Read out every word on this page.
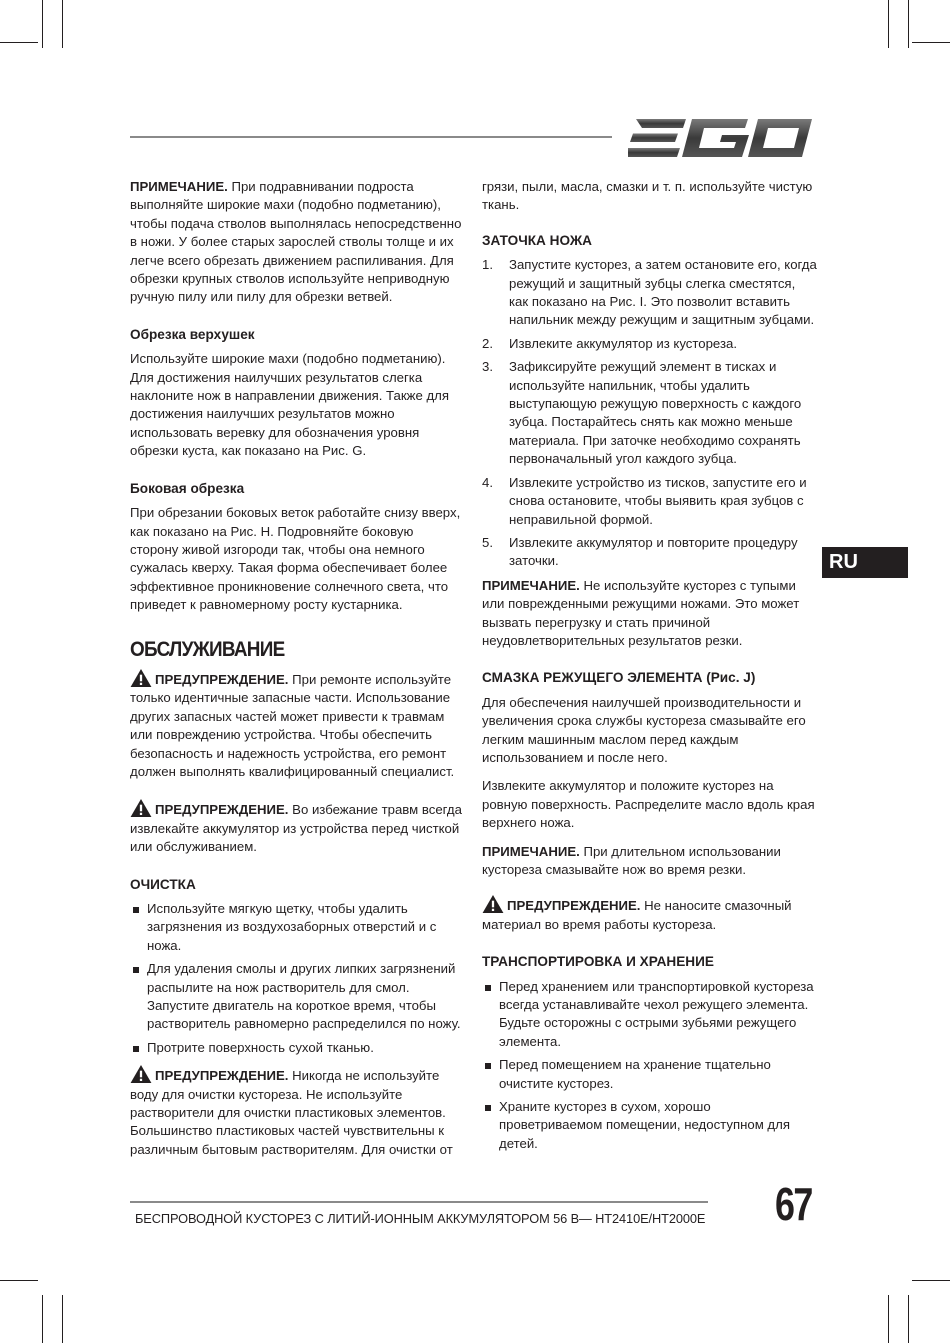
ПРИМЕЧАНИЕ. При подравнивании подроста выполняйте широкие махи (подобно подметанию), чтобы подача стволов выполнялась непосредственно в ножи. У более старых зарослей стволы толще и их легче всего обрезать движением распиливания. Для обрезки крупных стволов используйте неприводную ручную пилу или пилу для обрезки ветвей.

Обрезка верхушек

Используйте широкие махи (подобно подметанию). Для достижения наилучших результатов слегка наклоните нож в направлении движения. Также для достижения наилучших результатов можно использовать веревку для обозначения уровня обрезки куста, как показано на Рис. G.

Боковая обрезка

При обрезании боковых веток работайте снизу вверх, как показано на Рис. H. Подровняйте боковую сторону живой изгороди так, чтобы она немного сужалась кверху. Такая форма обеспечивает более эффективное проникновение солнечного света, что приведет к равномерному росту кустарника.

ОБСЛУЖИВАНИЕ

ПРЕДУПРЕЖДЕНИЕ. При ремонте используйте только идентичные запасные части. Использование других запасных частей может привести к травмам или повреждению устройства. Чтобы обеспечить безопасность и надежность устройства, его ремонт должен выполнять квалифицированный специалист.

ПРЕДУПРЕЖДЕНИЕ. Во избежание травм всегда извлекайте аккумулятор из устройства перед чисткой или обслуживанием.

ОЧИСТКА

Используйте мягкую щетку, чтобы удалить загрязнения из воздухозаборных отверстий и с ножа.
Для удаления смолы и других липких загрязнений распылите на нож растворитель для смол. Запустите двигатель на короткое время, чтобы растворитель равномерно распределился по ножу.
Протрите поверхность сухой тканью.

ПРЕДУПРЕЖДЕНИЕ. Никогда не используйте воду для очистки кустореза. Не используйте растворители для очистки пластиковых элементов. Большинство пластиковых частей чувствительны к различным бытовым растворителям. Для очистки от

грязи, пыли, масла, смазки и т. п. используйте чистую ткань.

ЗАТОЧКА НОЖА

1. Запустите кусторез, а затем остановите его, когда режущий и защитный зубцы слегка сместятся, как показано на Рис. I. Это позволит вставить напильник между режущим и защитным зубцами.
2. Извлеките аккумулятор из кустореза.
3. Зафиксируйте режущий элемент в тисках и используйте напильник, чтобы удалить выступающую режущую поверхность с каждого зубца. Постарайтесь снять как можно меньше материала. При заточке необходимо сохранять первоначальный угол каждого зубца.
4. Извлеките устройство из тисков, запустите его и снова остановите, чтобы выявить края зубцов с неправильной формой.
5. Извлеките аккумулятор и повторите процедуру заточки.

ПРИМЕЧАНИЕ. Не используйте кусторез с тупыми или поврежденными режущими ножами. Это может вызвать перегрузку и стать причиной неудовлетворительных результатов резки.

СМАЗКА РЕЖУЩЕГО ЭЛЕМЕНТА (Рис. J)

Для обеспечения наилучшей производительности и увеличения срока службы кустореза смазывайте его легким машинным маслом перед каждым использованием и после него.

Извлеките аккумулятор и положите кусторез на ровную поверхность. Распределите масло вдоль края верхнего ножа.

ПРИМЕЧАНИЕ. При длительном использовании кустореза смазывайте нож во время резки.

ПРЕДУПРЕЖДЕНИЕ. Не наносите смазочный материал во время работы кустореза.

ТРАНСПОРТИРОВКА И ХРАНЕНИЕ

Перед хранением или транспортировкой кустореза всегда устанавливайте чехол режущего элемента. Будьте осторожны с острыми зубьями режущего элемента.
Перед помещением на хранение тщательно очистите кусторез.
Храните кусторез в сухом, хорошо проветриваемом помещении, недоступном для детей.
RU
БЕСПРОВОДНОЙ КУСТОРЕЗ С ЛИТИЙ-ИОННЫМ АККУМУЛЯТОРОМ 56 В— HT2410E/HT2000E 67
